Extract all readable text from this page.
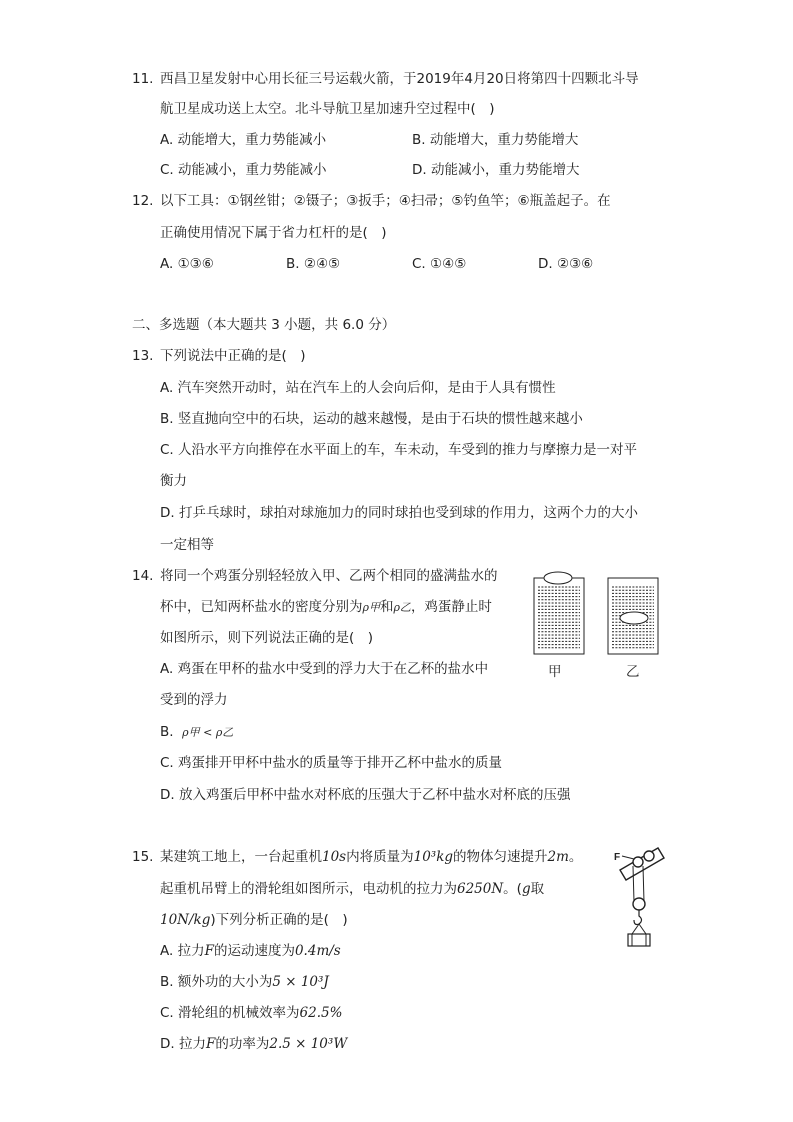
11. 西昌卫星发射中心用长征三号运载火箭，于2019年4月20日将第四十四颗北斗导
航卫星成功送上太空。北斗导航卫星加速升空过程中(　)
A. 动能增大，重力势能减小	B. 动能增大，重力势能增大
C. 动能减小，重力势能减小	D. 动能减小，重力势能增大
12. 以下工具：①钢丝钳；②镊子；③扳手；④扫帚；⑤钓鱼竿；⑥瓶盖起子。在
正确使用情况下属于省力杠杆的是(　)
A. ①③⑥	B. ②④⑤	C. ①④⑤	D. ②③⑥
二、多选题（本大题共 3 小题，共 6.0 分）
13. 下列说法中正确的是(　)
A. 汽车突然开动时，站在汽车上的人会向后仰，是由于人具有惯性
B. 竖直抛向空中的石块，运动的越来越慢，是由于石块的惯性越来越小
C. 人沿水平方向推停在水平面上的车，车未动，车受到的推力与摩擦力是一对平
衡力
D. 打乒乓球时，球拍对球施加力的同时球拍也受到球的作用力，这两个力的大小
一定相等
14. 将同一个鸡蛋分别轻轻放入甲、乙两个相同的盛满盐水的
杯中，已知两杯盐水的密度分别为ρ甲和ρ乙，鸡蛋静止时
如图所示，则下列说法正确的是(　)
A. 鸡蛋在甲杯的盐水中受到的浮力大于在乙杯的盐水中
受到的浮力
B. ρ甲 < ρ乙
C. 鸡蛋排开甲杯中盐水的质量等于排开乙杯中盐水的质量
D. 放入鸡蛋后甲杯中盐水对杯底的压强大于乙杯中盐水对杯底的压强
甲	乙
15. 某建筑工地上，一台起重机10s内将质量为10³kg的物体匀速提升2m。
起重机吊臂上的滑轮组如图所示，电动机的拉力为6250N。(g取
10N/kg)下列分析正确的是(　)
A. 拉力F的运动速度为0.4m/s
B. 额外功的大小为5 × 10³J
C. 滑轮组的机械效率为62.5%
D. 拉力F的功率为2.5 × 10³W
F
